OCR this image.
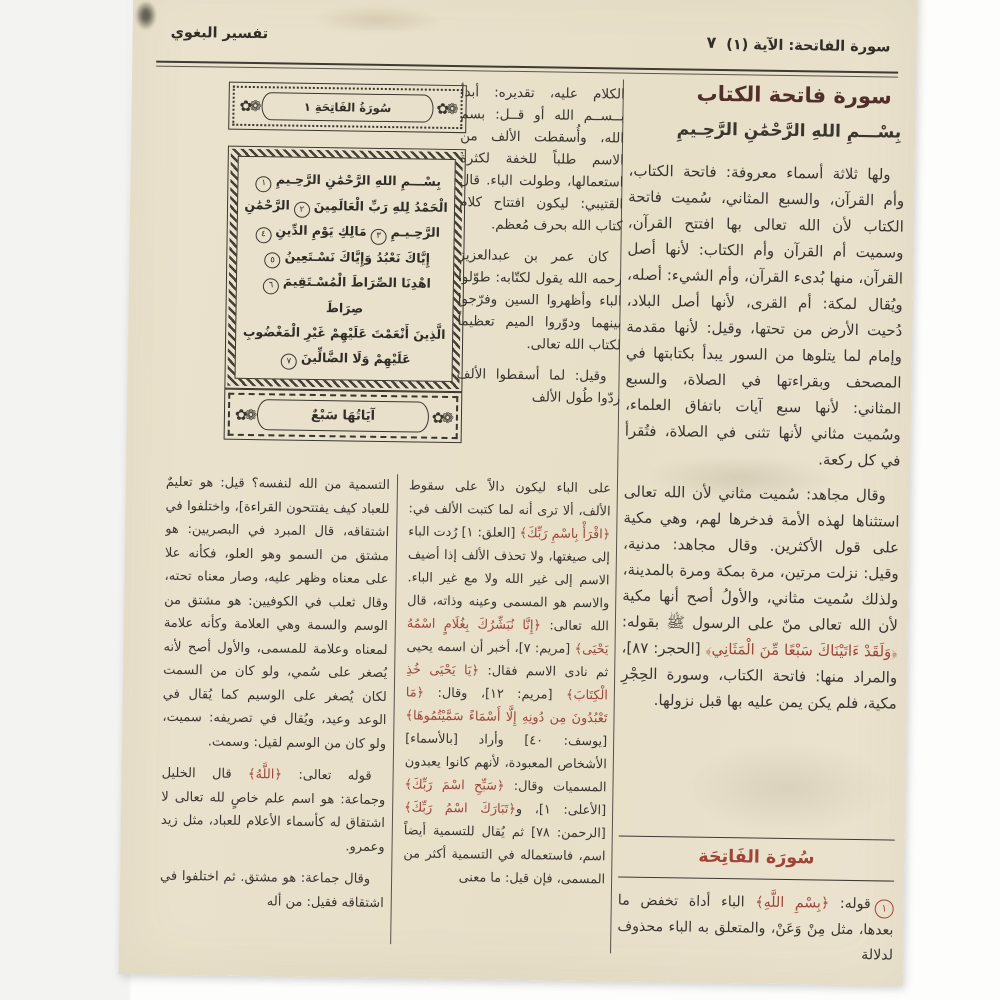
سورة الفاتحة: الآية (١)
٧
تفسير البغوي
❁✿
سُورَةُ الفَاتِحَةِ ١
❁✿
بِسْـــمِ اللهِ الرَّحْمَٰنِ الرَّحِـيمِ١
الْحَمْدُ لِلهِ رَبِّ الْعَالَمِينَ٢الرَّحْمَٰنِ
الرَّحِـيـمِ٣مَالِكِ يَوْمِ الدِّينِ٤
إِيَّاكَ نَعْبُدُ وَإِيَّاكَ نَسْـتَعِينُ٥
اهْدِنَا الصِّرَاطَ الْمُسْـتَقِيمَ٦صِرَاطَ
الَّذِينَ أَنْعَمْتَ عَلَيْهِمْ غَيْرِ الْمَغْضُوبِ
عَلَيْهِمْ وَلَا الضَّالِّينَ٧
❁✿
آيَاتُهَا سَبْعٌ
❁✿

الكلام عليه، تقديره: أبدأ بــســم الله أو قــل: بسم الله، وأُسقطت الألف من الاسم طلباً للخفة لكثرة استعمالها، وطولت الباء. قال القتيبي: ليكون افتتاح كلام كتاب الله بحرف مُعظم.

كان عمر بن عبدالعزيز رحمه الله يقول لكتّابه: طوّلوا الباء وأظهروا السين وفرّجوا بينهما ودوّروا الميم تعظيماً لكتاب الله تعالى.

وقيل: لما أسقطوا الألف ردّوا طُول الألف

سورة فاتحة الكتاب
بِسْـــمِ اللهِ الرَّحْمَٰنِ الرَّحِـيمِ

ولها ثلاثة أسماء معروفة: فاتحة الكتاب، وأم القرآن، والسبع المثاني، سُميت فاتحة الكتاب لأن الله تعالى بها افتتح القرآن، وسميت أم القرآن وأم الكتاب: لأنها أصل القرآن، منها بُدىء القرآن، وأم الشيء: أصله، ويُقال لمكة: أم القرى، لأنها أصل البلاد، دُحيت الأرض من تحتها، وقيل: لأنها مقدمة وإمام لما يتلوها من السور يبدأ بكتابتها في المصحف وبقراءتها في الصلاة، والسبع المثاني: لأنها سبع آيات باتفاق العلماء، وسُميت مثاني لأنها تثنى في الصلاة، فتُقرأ في كل ركعة.

وقال مجاهد: سُميت مثاني لأن الله تعالى استثناها لهذه الأمة فدخرها لهم، وهي مكية على قول الأكثرين. وقال مجاهد: مدنية، وقيل: نزلت مرتين، مرة بمكة ومرة بالمدينة، ولذلك سُميت مثاني، والأولُ أصح أنها مكية لأن الله تعالى منّ على الرسول ﷺ بقوله: ﴿وَلَقَدْ ءَاتَيْنَاكَ سَبْعًا مِّنَ الْمَثَانِي﴾ [الحجر: ٨٧]، والمراد منها: فاتحة الكتاب، وسورة الحِجْرِ مكية، فلم يكن يمن عليه بها قبل نزولها.

سُورَة الفَاتِحَة
١قوله: ﴿بِسْمِ اللَّهِ﴾ الباء أداة تخفض ما بعدها، مثل مِنْ وَعَنْ، والمتعلق به الباء محذوف لدلالة

على الباء ليكون دالاً على سقوط الألف، ألا ترى أنه لما كتبت الألف في: ﴿اقْرَأْ بِاسْمِ رَبِّكَ﴾ [العلق: ١] رُدت الباء إلى صيغتها، ولا تحذف الألف إذا أضيف الاسم إلى غير الله ولا مع غير الباء. والاسم هو المسمى وعينه وذاته، قال الله تعالى: ﴿إِنَّا نُبَشِّرُكَ بِغُلَامٍ اسْمُهُ يَحْيَى﴾ [مريم: ٧]، أخبر أن اسمه يحيى ثم نادى الاسم فقال: ﴿يَا يَحْيَى خُذِ الْكِتَابَ﴾ [مريم: ١٢]، وقال: ﴿مَا تَعْبُدُونَ مِن دُونِهِ إِلَّا أَسْمَاءً سَمَّيْتُمُوهَا﴾ [يوسف: ٤٠] وأراد [بالأسماء] الأشخاص المعبودة، لأنهم كانوا يعبدون المسميات وقال: ﴿سَبِّحِ اسْمَ رَبِّكَ﴾ [الأعلى: ١]، و﴿تَبَارَكَ اسْمُ رَبِّكَ﴾ [الرحمن: ٧٨] ثم يُقال للتسمية أيضاً اسم، فاستعماله في التسمية أكثر من المسمى، فإن قيل: ما معنى

التسمية من الله لنفسه؟ قيل: هو تعليمٌ للعباد كيف يفتتحون القراءة]، واختلفوا في اشتقاقه، قال المبرد في البصريين: هو مشتق من السمو وهو العلو، فكأنه علا على معناه وظهر عليه، وصار معناه تحته، وقال ثعلب في الكوفيين: هو مشتق من الوسم والسمة وهي العلامة وكأنه علامة لمعناه وعلامة للمسمى، والأول أصح لأنه يُصغر على سُمي، ولو كان من السمت لكان يُصغر على الوسيم كما يُقال في الوعد وعيد، ويُقال في تصريفه: سميت، ولو كان من الوسم لقيل: وسمت.

قوله تعالى: ﴿اللَّهُ﴾ قال الخليل وجماعة: هو اسم علم خاصٍ لله تعالى لا اشتقاق له كأسماء الأعلام للعباد، مثل زيد وعمرو.

وقال جماعة: هو مشتق. ثم اختلفوا في اشتقاقه فقيل: من أله
